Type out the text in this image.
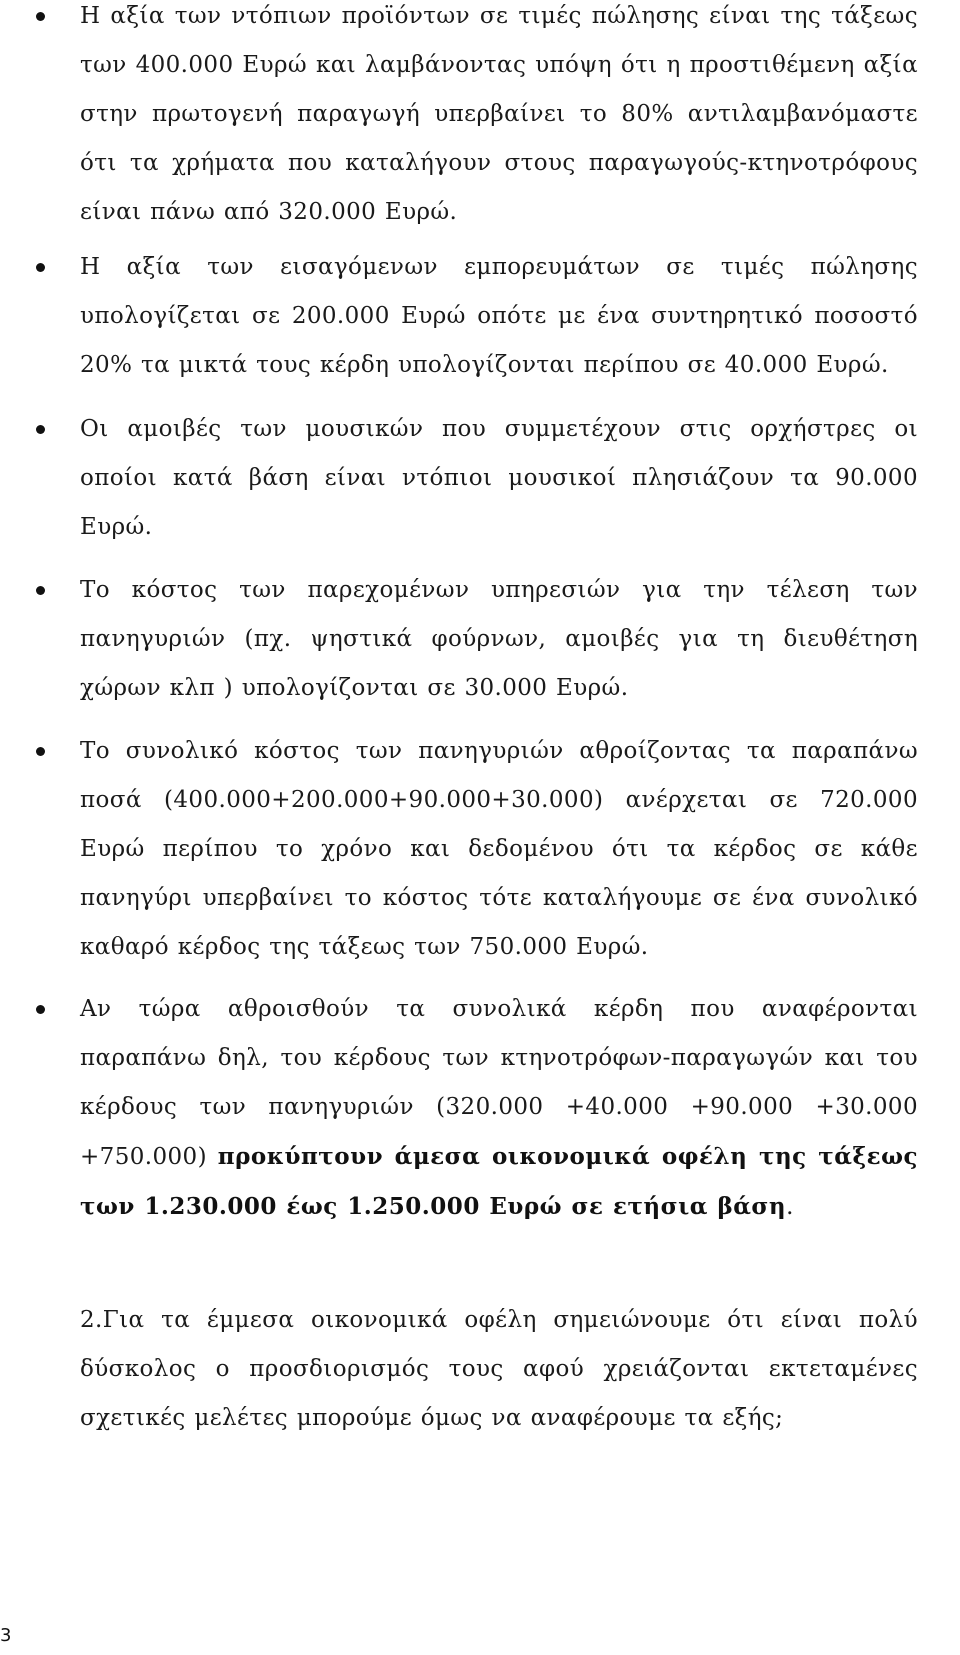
Η αξία των ντόπιων προϊόντων σε τιμές πώλησης είναι της τάξεως των 400.000 Ευρώ και λαμβάνοντας υπόψη ότι η προστιθέμενη αξία στην πρωτογενή παραγωγή υπερβαίνει το 80% αντιλαμβανόμαστε ότι τα χρήματα που καταλήγουν στους παραγωγούς-κτηνοτρόφους είναι πάνω από 320.000 Ευρώ.
Η αξία των εισαγόμενων εμπορευμάτων σε τιμές πώλησης υπολογίζεται σε 200.000 Ευρώ οπότε με ένα συντηρητικό ποσοστό 20% τα μικτά τους κέρδη υπολογίζονται περίπου σε 40.000 Ευρώ.
Οι αμοιβές των μουσικών που συμμετέχουν στις ορχήστρες οι οποίοι κατά βάση είναι ντόπιοι μουσικοί πλησιάζουν τα 90.000 Ευρώ.
Το κόστος των παρεχομένων υπηρεσιών για την τέλεση των πανηγυριών (πχ. ψηστικά φούρνων, αμοιβές για τη διευθέτηση χώρων κλπ ) υπολογίζονται σε 30.000 Ευρώ.
Το συνολικό κόστος των πανηγυριών αθροίζοντας τα παραπάνω ποσά (400.000+200.000+90.000+30.000) ανέρχεται σε 720.000 Ευρώ περίπου το χρόνο και δεδομένου ότι τα κέρδος σε κάθε πανηγύρι υπερβαίνει το κόστος τότε καταλήγουμε σε ένα συνολικό καθαρό κέρδος της τάξεως των 750.000 Ευρώ.
Αν τώρα αθροισθούν τα συνολικά κέρδη που αναφέρονται παραπάνω δηλ, του κέρδους των κτηνοτρόφων-παραγωγών και του κέρδους των πανηγυριών (320.000 +40.000 +90.000 +30.000 +750.000) προκύπτουν άμεσα οικονομικά οφέλη της τάξεως των 1.230.000 έως 1.250.000 Ευρώ σε ετήσια βάση.

2.Για τα έμμεσα οικονομικά οφέλη σημειώνουμε ότι είναι πολύ δύσκολος ο προσδιορισμός τους αφού χρειάζονται εκτεταμένες σχετικές μελέτες μπορούμε όμως να αναφέρουμε τα εξής;

3
